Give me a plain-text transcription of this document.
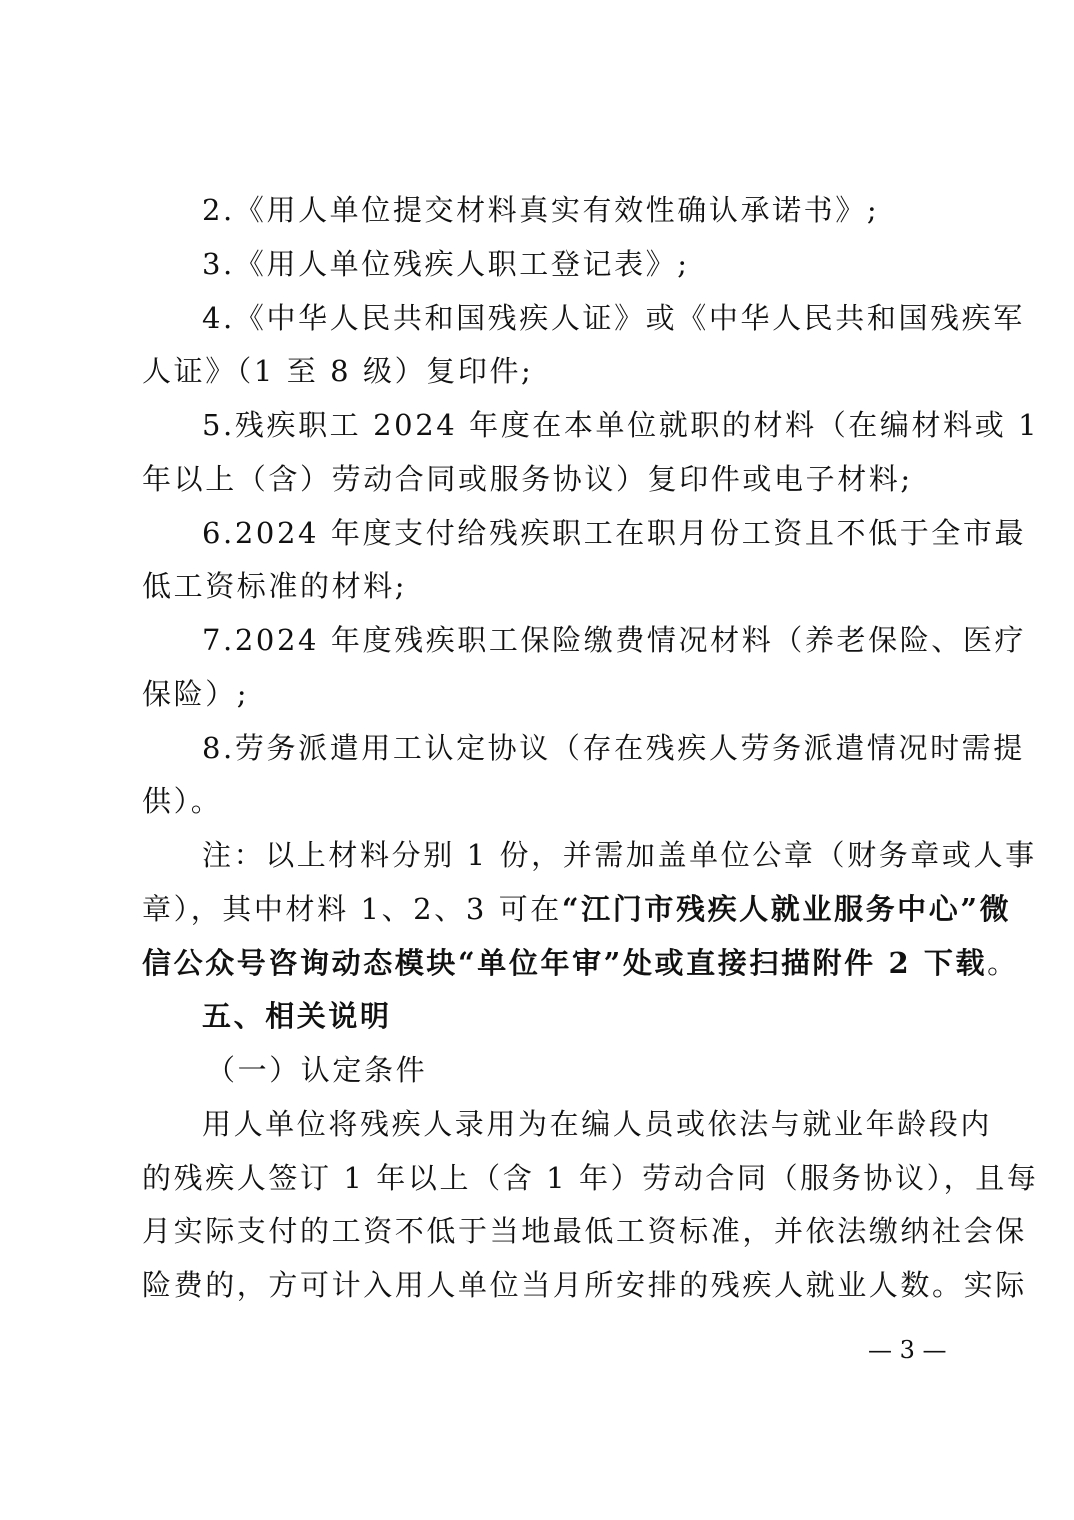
2.《用人单位提交材料真实有效性确认承诺书》;
3.《用人单位残疾人职工登记表》;
4.《中华人民共和国残疾人证》或《中华人民共和国残疾军
人证》（1 至 8 级）复印件;
5.残疾职工 2024 年度在本单位就职的材料（在编材料或 1
年以上（含）劳动合同或服务协议）复印件或电子材料;
6.2024 年度支付给残疾职工在职月份工资且不低于全市最
低工资标准的材料;
7.2024 年度残疾职工保险缴费情况材料（养老保险、医疗
保险）;
8.劳务派遣用工认定协议（存在残疾人劳务派遣情况时需提
供）。
注：以上材料分别 1 份，并需加盖单位公章（财务章或人事
章），其中材料 1、2、3 可在“江门市残疾人就业服务中心”微
信公众号咨询动态模块“单位年审”处或直接扫描附件 2 下载。
五、相关说明
（一）认定条件
用人单位将残疾人录用为在编人员或依法与就业年龄段内
的残疾人签订 1 年以上（含 1 年）劳动合同（服务协议），且每
月实际支付的工资不低于当地最低工资标准，并依法缴纳社会保
险费的，方可计入用人单位当月所安排的残疾人就业人数。实际
— 3 —
